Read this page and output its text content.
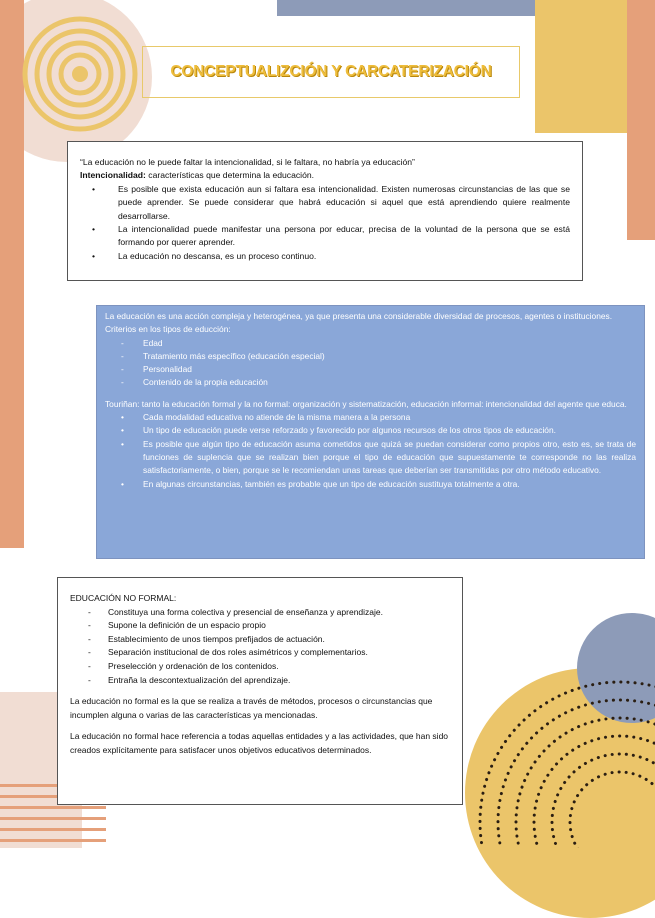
CONCEPTUALIZCIÓN Y CARCATERIZACIÓN

“La educación no le puede faltar la intencionalidad, si le faltara, no habría ya educación”

Intencionalidad: características que determina la educación.

• Es posible que exista educación aun si faltara esa intencionalidad. Existen numerosas circunstancias de las que se puede aprender. Se puede considerar que habrá educación si aquel que está aprendiendo quiere realmente desarrollarse.
• La intencionalidad puede manifestar una persona por educar, precisa de la voluntad de la persona que se está formando por querer aprender.
• La educación no descansa, es un proceso continuo.

La educación es una acción compleja y heterogénea, ya que presenta una considerable diversidad de procesos, agentes o instituciones.

Criterios en los tipos de educción:

- Edad
- Tratamiento más específico (educación especial)
- Personalidad
- Contenido de la propia educación

Touriñan: tanto la educación formal y la no formal: organización y sistematización, educación informal: intencionalidad del agente que educa.

• Cada modalidad educativa no atiende de la misma manera a la persona
• Un tipo de educación puede verse reforzado y favorecido por algunos recursos de los otros tipos de educación.
• Es posible que algún tipo de educación asuma cometidos que quizá se puedan considerar como propios otro, esto es, se trata de funciones de suplencia que se realizan bien porque el tipo de educación que supuestamente te corresponde no las realiza satisfactoriamente, o bien, porque se le recomiendan unas tareas que deberían ser transmitidas por otro método educativo.
• En algunas circunstancias, también es probable que un tipo de educación sustituya totalmente a otra.

EDUCACIÓN NO FORMAL:

- Constituya una forma colectiva y presencial de enseñanza y aprendizaje.
- Supone la definición de un espacio propio
- Establecimiento de unos tiempos prefijados de actuación.
- Separación institucional de dos roles asimétricos y complementarios.
- Preselección y ordenación de los contenidos.
- Entraña la descontextualización del aprendizaje.

La educación no formal es la que se realiza a través de métodos, procesos o circunstancias que incumplen alguna o varias de las características ya mencionadas.

La educación no formal hace referencia a todas aquellas entidades y a las actividades, que han sido creados explícitamente para satisfacer unos objetivos educativos determinados.
